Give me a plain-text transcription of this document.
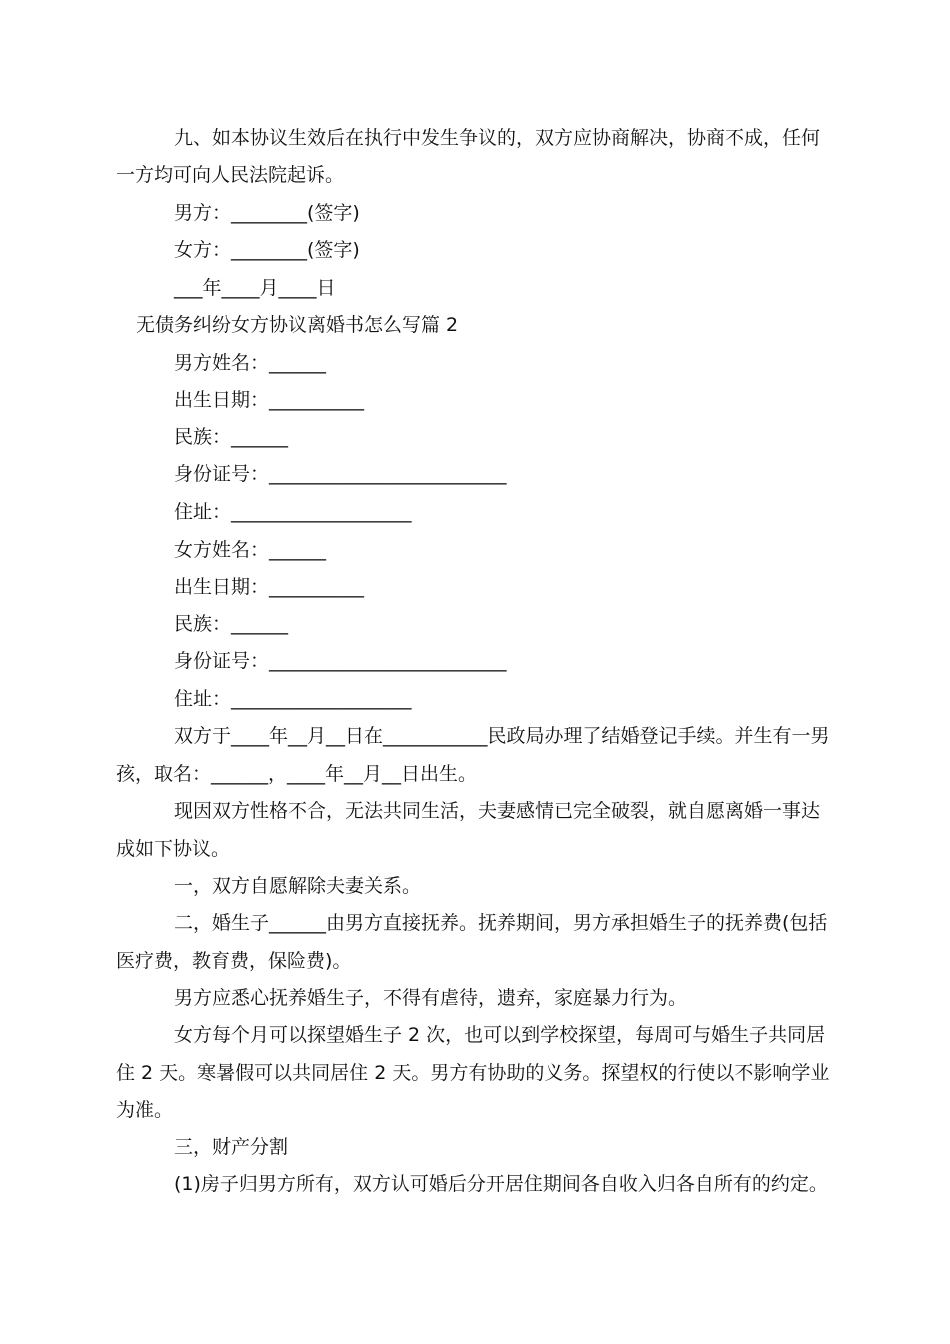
九、如本协议生效后在执行中发生争议的，双方应协商解决，协商不成，任何
一方均可向人民法院起诉。
男方：________(签字)
女方：________(签字)
___年____月____日
无债务纠纷女方协议离婚书怎么写篇 2
男方姓名：______
出生日期：__________
民族：______
身份证号：_________________________
住址：___________________
女方姓名：______
出生日期：__________
民族：______
身份证号：_________________________
住址：___________________
双方于____年__月__日在___________民政局办理了结婚登记手续。并生有一男
孩，取名：______，____年__月__日出生。
现因双方性格不合，无法共同生活，夫妻感情已完全破裂，就自愿离婚一事达
成如下协议。
一，双方自愿解除夫妻关系。
二，婚生子______由男方直接抚养。抚养期间，男方承担婚生子的抚养费(包括
医疗费，教育费，保险费)。
男方应悉心抚养婚生子，不得有虐待，遗弃，家庭暴力行为。
女方每个月可以探望婚生子 2 次，也可以到学校探望，每周可与婚生子共同居
住 2 天。寒暑假可以共同居住 2 天。男方有协助的义务。探望权的行使以不影响学业
为准。
三，财产分割
(1)房子归男方所有，双方认可婚后分开居住期间各自收入归各自所有的约定。
